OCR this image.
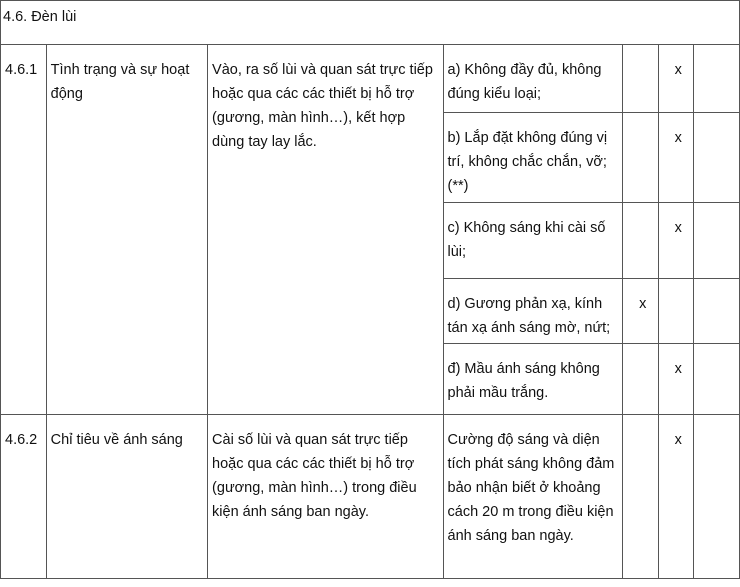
4.6. Đèn lùi						
4.6.1	Tình trạng và sự hoạt động	Vào, ra số lùi và quan sát trực tiếp hoặc qua các các thiết bị hỗ trợ (gương, màn hình…), kết hợp dùng tay lay lắc.	a) Không đầy đủ, không đúng kiểu loại;		x	
			b) Lắp đặt không đúng vị trí, không chắc chắn, vỡ; (**)		x	
			c) Không sáng khi cài số lùi;		x	
			d) Gương phản xạ, kính tán xạ ánh sáng mờ, nứt;	x		
			đ) Mầu ánh sáng không phải mầu trắng.		x	
4.6.2	Chỉ tiêu về ánh sáng	Cài số lùi và quan sát trực tiếp hoặc qua các các thiết bị hỗ trợ (gương, màn hình…) trong điều kiện ánh sáng ban ngày.	Cường độ sáng và diện tích phát sáng không đảm bảo nhận biết ở khoảng cách 20 m trong điều kiện ánh sáng ban ngày.		x	
